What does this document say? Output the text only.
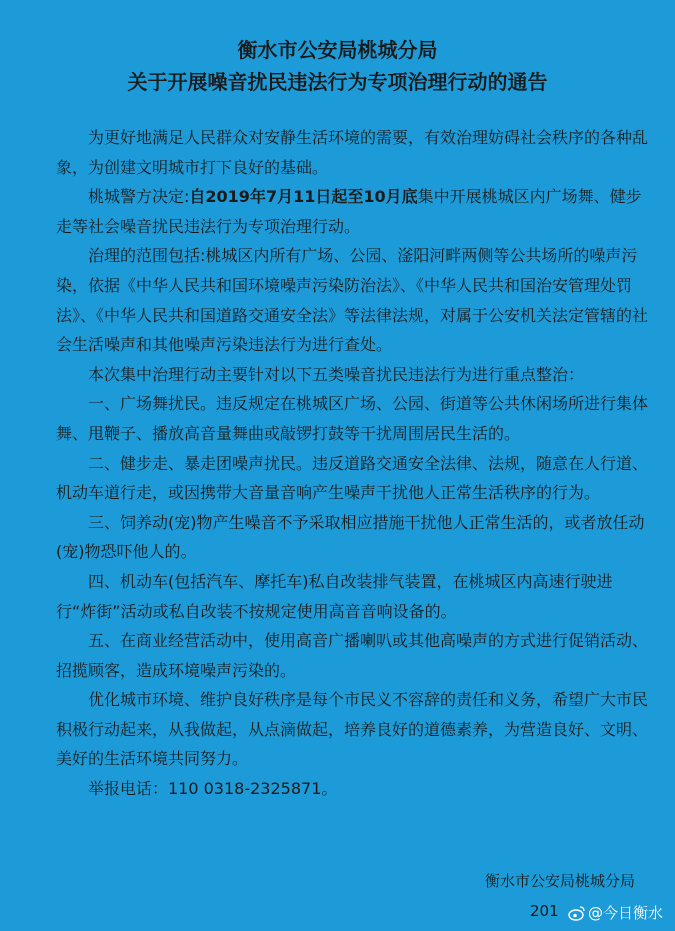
衡水市公安局桃城分局
关于开展噪音扰民违法行为专项治理行动的通告

为更好地满足人民群众对安静生活环境的需要，有效治理妨碍社会秩序的各种乱象，为创建文明城市打下良好的基础。

桃城警方决定:自2019年7月11日起至10月底集中开展桃城区内广场舞、健步走等社会噪音扰民违法行为专项治理行动。

治理的范围包括:桃城区内所有广场、公园、滏阳河畔两侧等公共场所的噪声污染，依据《中华人民共和国环境噪声污染防治法》、《中华人民共和国治安管理处罚法》、《中华人民共和国道路交通安全法》等法律法规，对属于公安机关法定管辖的社会生活噪声和其他噪声污染违法行为进行查处。

本次集中治理行动主要针对以下五类噪音扰民违法行为进行重点整治：

一、广场舞扰民。违反规定在桃城区广场、公园、街道等公共休闲场所进行集体舞、甩鞭子、播放高音量舞曲或敲锣打鼓等干扰周围居民生活的。

二、健步走、暴走团噪声扰民。违反道路交通安全法律、法规，随意在人行道、机动车道行走，或因携带大音量音响产生噪声干扰他人正常生活秩序的行为。

三、饲养动(宠)物产生噪音不予采取相应措施干扰他人正常生活的，或者放任动(宠)物恐吓他人的。

四、机动车(包括汽车、摩托车)私自改装排气装置，在桃城区内高速行驶进行“炸街”活动或私自改装不按规定使用高音音响设备的。

五、在商业经营活动中，使用高音广播喇叭或其他高噪声的方式进行促销活动、招揽顾客，造成环境噪声污染的。

优化城市环境、维护良好秩序是每个市民义不容辞的责任和义务，希望广大市民积极行动起来，从我做起，从点滴做起，培养良好的道德素养，为营造良好、文明、美好的生活环境共同努力。

举报电话：110 0318-2325871。

衡水市公安局桃城分局
201 @今日衡水
